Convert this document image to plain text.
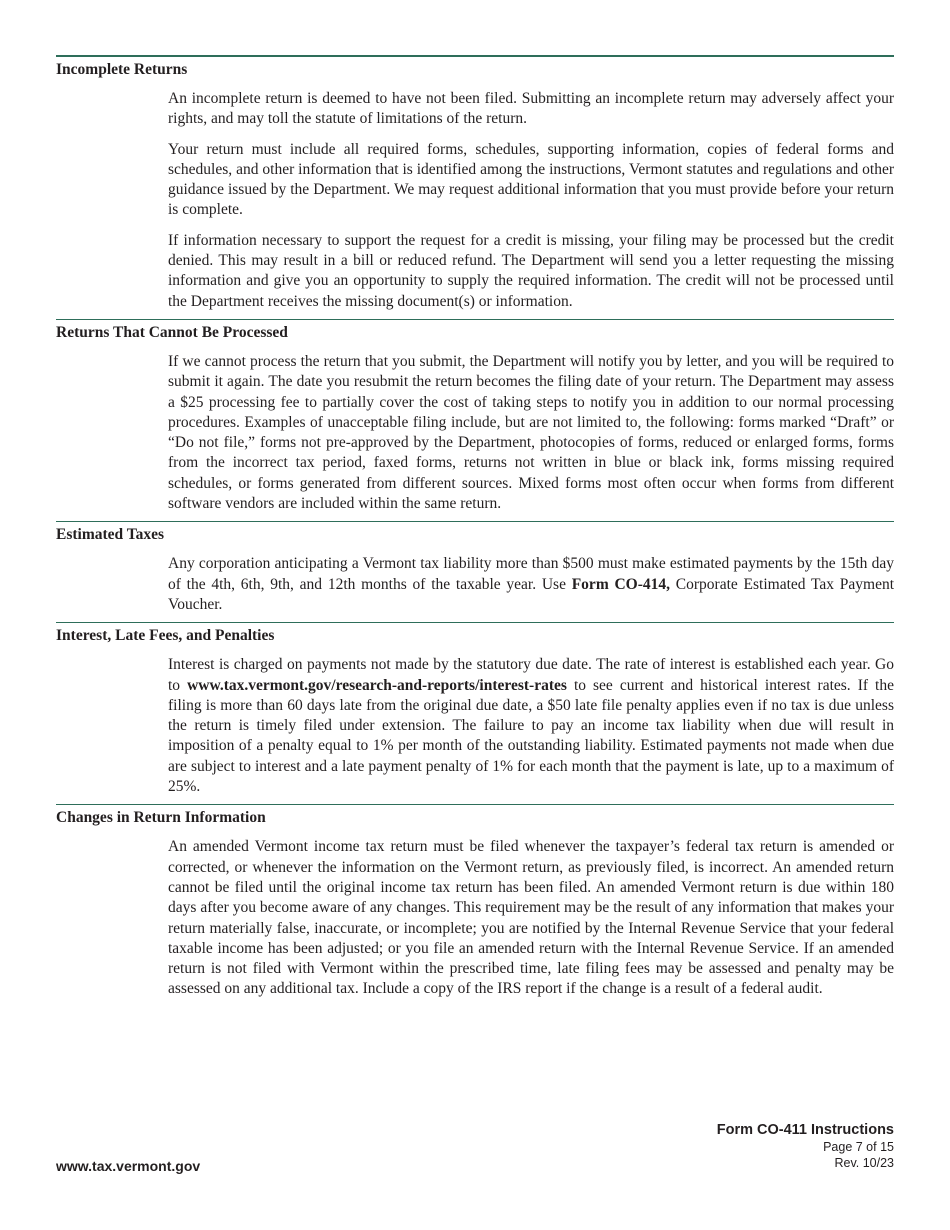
Incomplete Returns

An incomplete return is deemed to have not been filed. Submitting an incomplete return may adversely affect your rights, and may toll the statute of limitations of the return.

Your return must include all required forms, schedules, supporting information, copies of federal forms and schedules, and other information that is identified among the instructions, Vermont statutes and regulations and other guidance issued by the Department. We may request additional information that you must provide before your return is complete.

If information necessary to support the request for a credit is missing, your filing may be processed but the credit denied. This may result in a bill or reduced refund. The Department will send you a letter requesting the missing information and give you an opportunity to supply the required information. The credit will not be processed until the Department receives the missing document(s) or information.

Returns That Cannot Be Processed

If we cannot process the return that you submit, the Department will notify you by letter, and you will be required to submit it again. The date you resubmit the return becomes the filing date of your return. The Department may assess a $25 processing fee to partially cover the cost of taking steps to notify you in addition to our normal processing procedures. Examples of unacceptable filing include, but are not limited to, the following: forms marked “Draft” or “Do not file,” forms not pre-approved by the Department, photocopies of forms, reduced or enlarged forms, forms from the incorrect tax period, faxed forms, returns not written in blue or black ink, forms missing required schedules, or forms generated from different sources. Mixed forms most often occur when forms from different software vendors are included within the same return.

Estimated Taxes

Any corporation anticipating a Vermont tax liability more than $500 must make estimated payments by the 15th day of the 4th, 6th, 9th, and 12th months of the taxable year. Use Form CO-414, Corporate Estimated Tax Payment Voucher.

Interest, Late Fees, and Penalties

Interest is charged on payments not made by the statutory due date. The rate of interest is established each year. Go to www.tax.vermont.gov/research-and-reports/interest-rates to see current and historical interest rates. If the filing is more than 60 days late from the original due date, a $50 late file penalty applies even if no tax is due unless the return is timely filed under extension. The failure to pay an income tax liability when due will result in imposition of a penalty equal to 1% per month of the outstanding liability. Estimated payments not made when due are subject to interest and a late payment penalty of 1% for each month that the payment is late, up to a maximum of 25%.

Changes in Return Information

An amended Vermont income tax return must be filed whenever the taxpayer’s federal tax return is amended or corrected, or whenever the information on the Vermont return, as previously filed, is incorrect. An amended return cannot be filed until the original income tax return has been filed. An amended Vermont return is due within 180 days after you become aware of any changes. This requirement may be the result of any information that makes your return materially false, inaccurate, or incomplete; you are notified by the Internal Revenue Service that your federal taxable income has been adjusted; or you file an amended return with the Internal Revenue Service. If an amended return is not filed with Vermont within the prescribed time, late filing fees may be assessed and penalty may be assessed on any additional tax. Include a copy of the IRS report if the change is a result of a federal audit.

www.tax.vermont.gov
Form CO-411 Instructions
Page 7 of 15
Rev. 10/23
